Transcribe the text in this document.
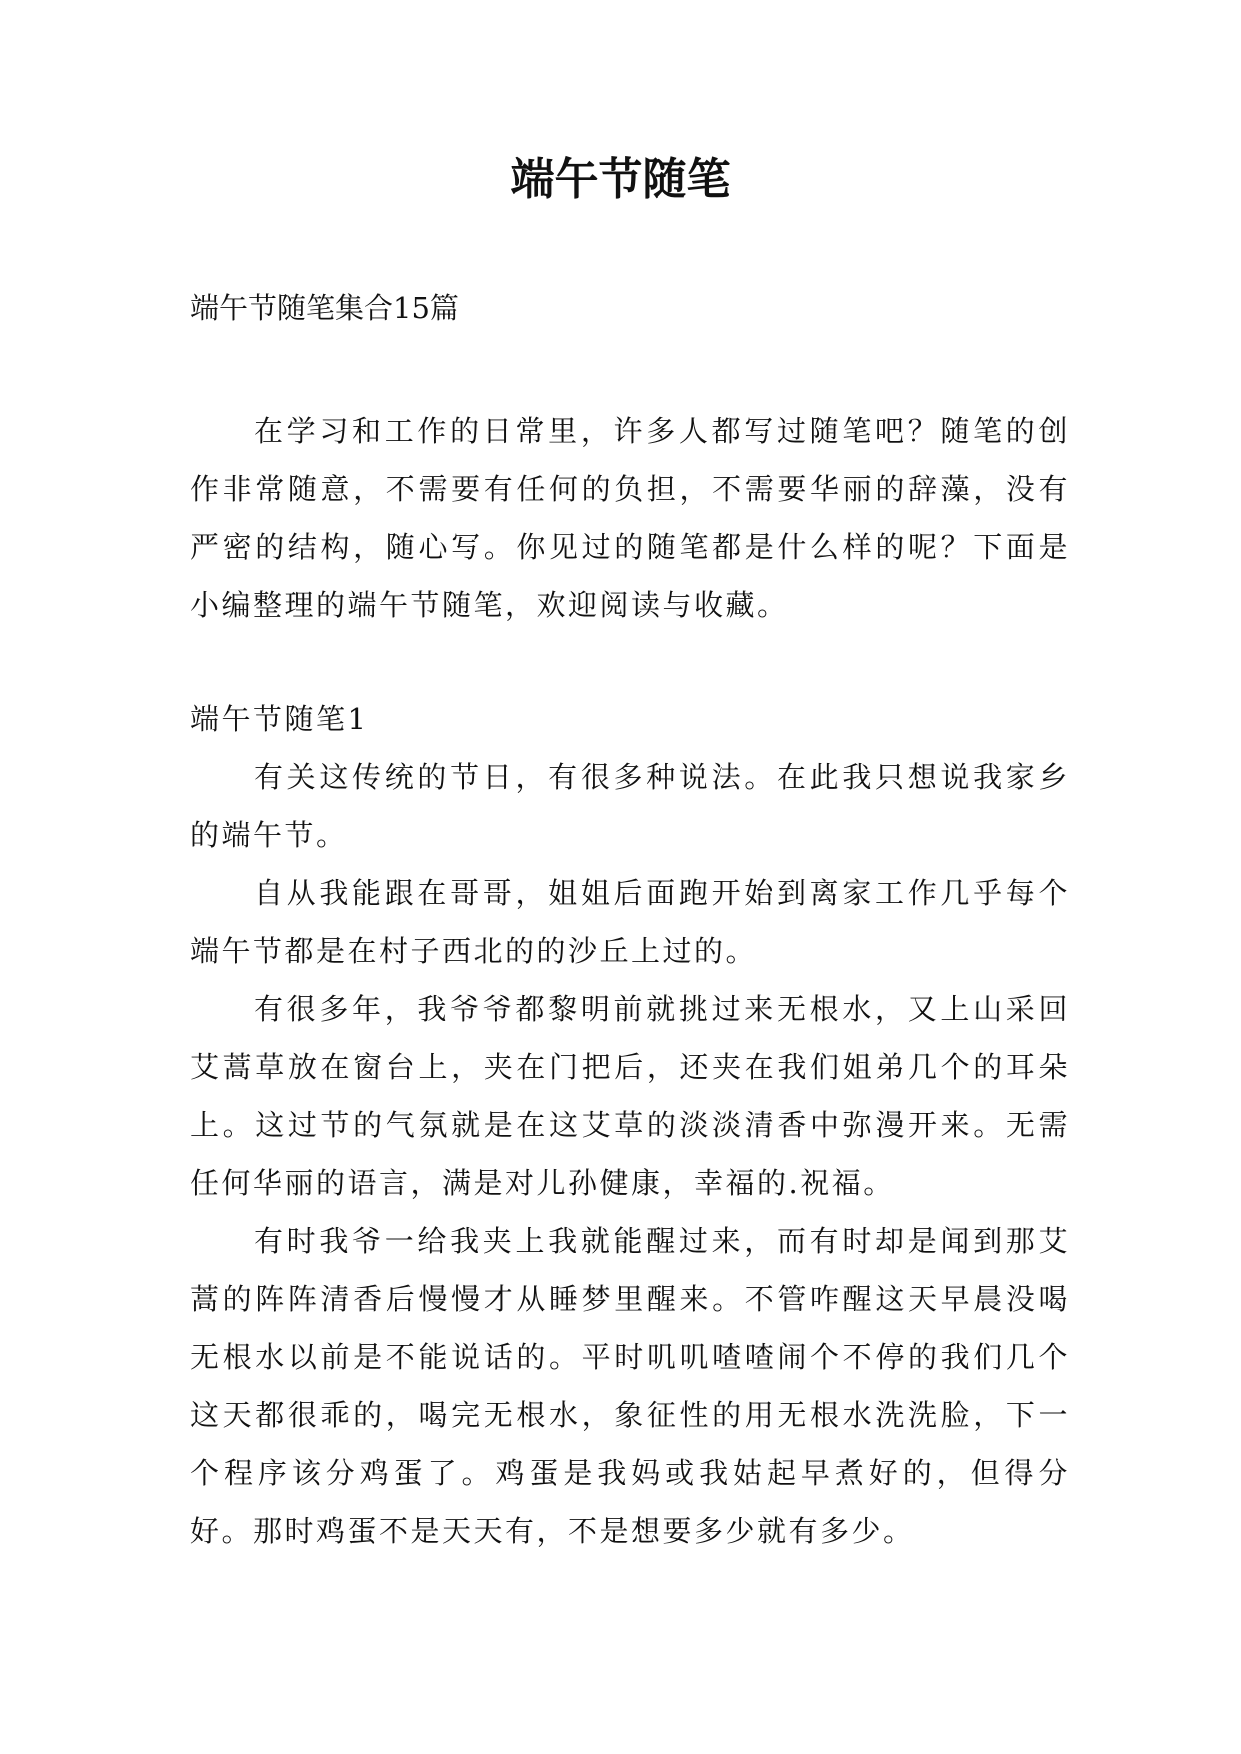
端午节随笔

端午节随笔集合15篇

在学习和工作的日常里，许多人都写过随笔吧？随笔的创作非常随意，不需要有任何的负担，不需要华丽的辞藻，没有严密的结构，随心写。你见过的随笔都是什么样的呢？下面是小编整理的端午节随笔，欢迎阅读与收藏。

端午节随笔1

有关这传统的节日，有很多种说法。在此我只想说我家乡的端午节。

自从我能跟在哥哥，姐姐后面跑开始到离家工作几乎每个端午节都是在村子西北的的沙丘上过的。

有很多年，我爷爷都黎明前就挑过来无根水，又上山采回艾蒿草放在窗台上，夹在门把后，还夹在我们姐弟几个的耳朵上。这过节的气氛就是在这艾草的淡淡清香中弥漫开来。无需任何华丽的语言，满是对儿孙健康，幸福的.祝福。

有时我爷一给我夹上我就能醒过来，而有时却是闻到那艾蒿的阵阵清香后慢慢才从睡梦里醒来。不管咋醒这天早晨没喝无根水以前是不能说话的。平时叽叽喳喳闹个不停的我们几个这天都很乖的，喝完无根水，象征性的用无根水洗洗脸，下一个程序该分鸡蛋了。鸡蛋是我妈或我姑起早煮好的，但得分好。那时鸡蛋不是天天有，不是想要多少就有多少。
